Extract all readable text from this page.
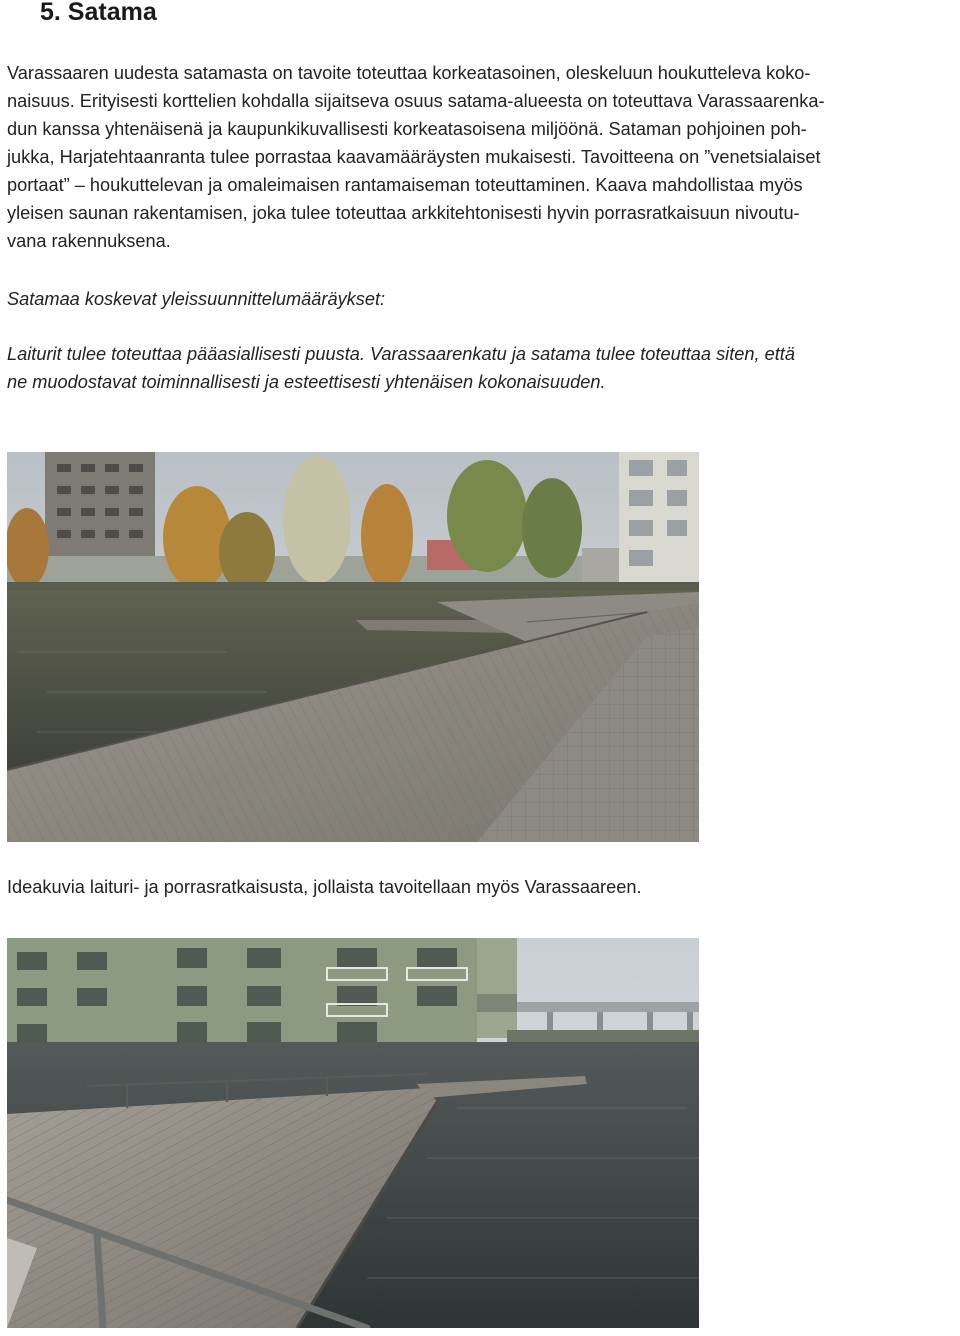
5. Satama

Varassaaren uudesta satamasta on tavoite toteuttaa korkeatasoinen, oleskeluun houkutteleva koko-
naisuus. Erityisesti korttelien kohdalla sijaitseva osuus satama-alueesta on toteuttava Varassaarenka-
dun kanssa yhtenäisenä ja kaupunkikuvallisesti korkeatasoisena miljöönä. Sataman pohjoinen poh-
jukka, Harjatehtaanranta tulee porrastaa kaavamääräysten mukaisesti. Tavoitteena on ”venetsialaiset
portaat” – houkuttelevan ja omaleimaisen rantamaiseman toteuttaminen. Kaava mahdollistaa myös
yleisen saunan rakentamisen, joka tulee toteuttaa arkkitehtonisesti hyvin porrasratkaisuun nivoutu-
vana rakennuksena.

Satamaa koskevat yleissuunnittelumääräykset:

Laiturit tulee toteuttaa pääasiallisesti puusta. Varassaarenkatu ja satama tulee toteuttaa siten, että
ne muodostavat toiminnallisesti ja esteettisesti yhtenäisen kokonaisuuden.

Ideakuvia laituri- ja porrasratkaisusta, jollaista tavoitellaan myös Varassaareen.
